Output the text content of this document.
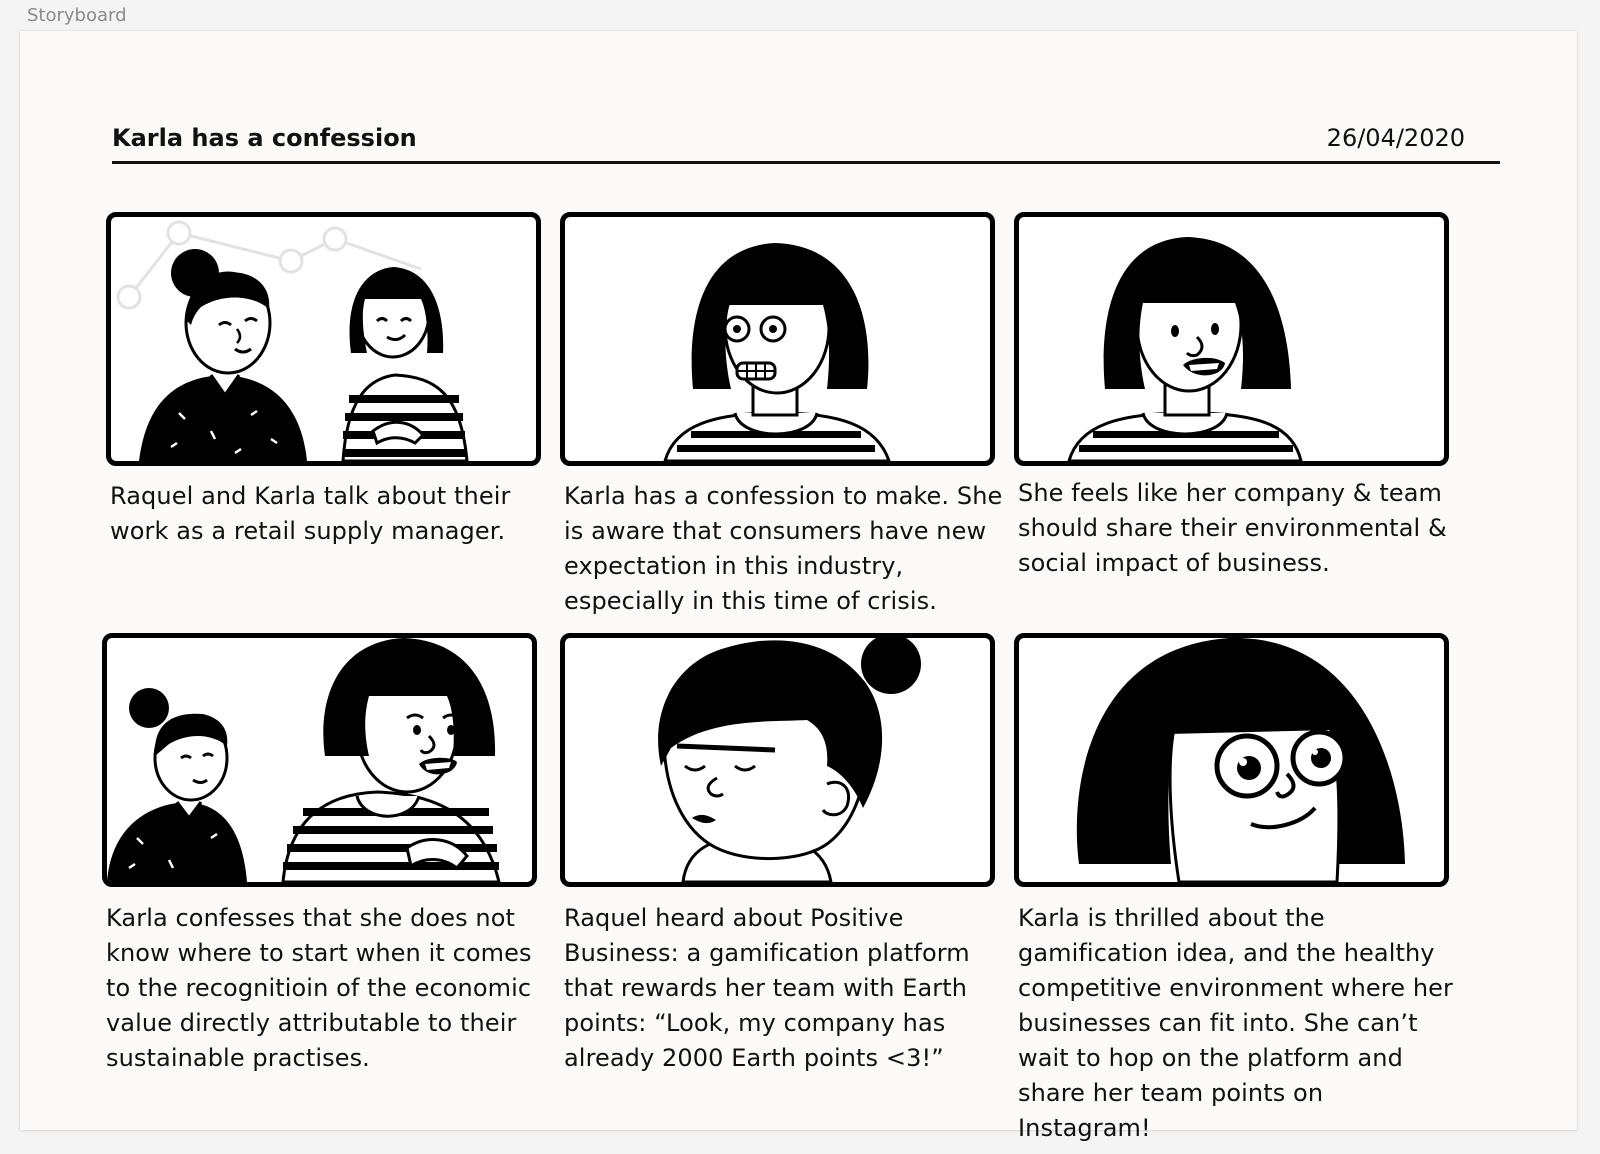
Storyboard
Karla has a confession	26/04/2020
Raquel and Karla talk about their work as a retail supply manager.
Karla has a confession to make. She is aware that consumers have new expectation in this industry, especially in this time of crisis.
She feels like her company & team should share their environmental & social impact of business.
Karla confesses that she does not know where to start when it comes to the recognitioin of the economic value directly attributable to their sustainable practises.
Raquel heard about Positive Business: a gamification platform that rewards her team with Earth points: “Look, my company has already 2000 Earth points <3!”
Karla is thrilled about the gamification idea, and the healthy competitive environment where her businesses can fit into. She can’t wait to hop on the platform and share her team points on Instagram!
